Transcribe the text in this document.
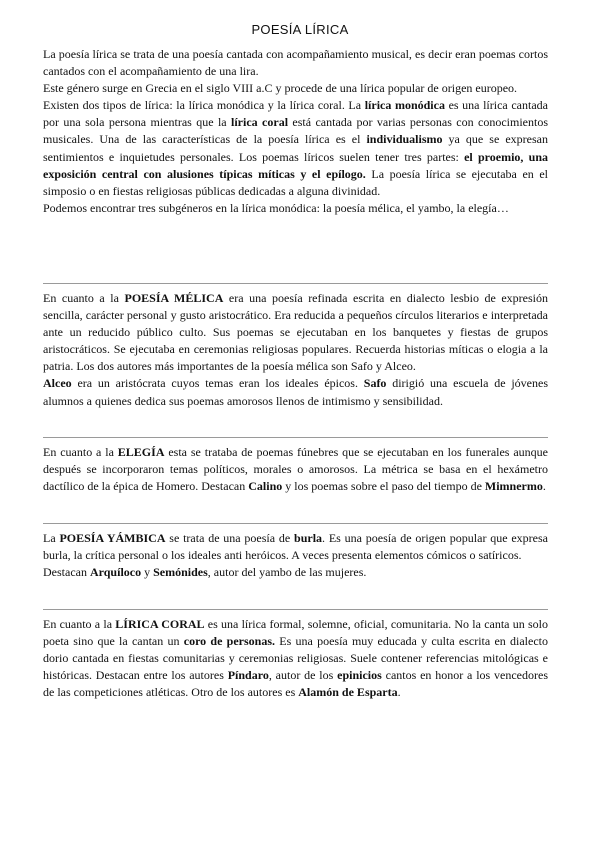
POESÍA LÍRICA

La poesía lírica se trata de una poesía cantada con acompañamiento musical, es decir eran poemas cortos cantados con el acompañamiento de una lira.

Este género surge en Grecia en el siglo VIII a.C y procede de una lírica popular de origen europeo.

Existen dos tipos de lírica: la lírica monódica y la lírica coral. La lírica monódica es una lírica cantada por una sola persona mientras que la lírica coral está cantada por varias personas con conocimientos musicales. Una de las características de la poesía lírica es el individualismo ya que se expresan sentimientos e inquietudes personales. Los poemas líricos suelen tener tres partes: el proemio, una exposición central con alusiones típicas míticas y el epílogo. La poesía lírica se ejecutaba en el simposio o en fiestas religiosas públicas dedicadas a alguna divinidad.

Podemos encontrar tres subgéneros en la lírica monódica: la poesía mélica, el yambo, la elegía…

En cuanto a la POESÍA MÉLICA era una poesía refinada escrita en dialecto lesbio de expresión sencilla, carácter personal y gusto aristocrático. Era reducida a pequeños círculos literarios e interpretada ante un reducido público culto. Sus poemas se ejecutaban en los banquetes y fiestas de grupos aristocráticos. Se ejecutaba en ceremonias religiosas populares. Recuerda historias míticas o elogia a la patria. Los dos autores más importantes de la poesía mélica son Safo y Alceo.

Alceo era un aristócrata cuyos temas eran los ideales épicos. Safo dirigió una escuela de jóvenes alumnos a quienes dedica sus poemas amorosos llenos de intimismo y sensibilidad.

En cuanto a la ELEGÍA esta se trataba de poemas fúnebres que se ejecutaban en los funerales aunque después se incorporaron temas políticos, morales o amorosos. La métrica se basa en el hexámetro dactílico de la épica de Homero. Destacan Calino y los poemas sobre el paso del tiempo de Mimnermo.

La POESÍA YÁMBICA se trata de una poesía de burla. Es una poesía de origen popular que expresa burla, la crítica personal o los ideales anti heróicos. A veces presenta elementos cómicos o satíricos.

Destacan Arquíloco y Semónides, autor del yambo de las mujeres.

En cuanto a la LÍRICA CORAL es una lírica formal, solemne, oficial, comunitaria. No la canta un solo poeta sino que la cantan un coro de personas. Es una poesía muy educada y culta escrita en dialecto dorio cantada en fiestas comunitarias y ceremonias religiosas. Suele contener referencias mitológicas e históricas. Destacan entre los autores Píndaro, autor de los epinicios cantos en honor a los vencedores de las competiciones atléticas. Otro de los autores es Alamón de Esparta.
